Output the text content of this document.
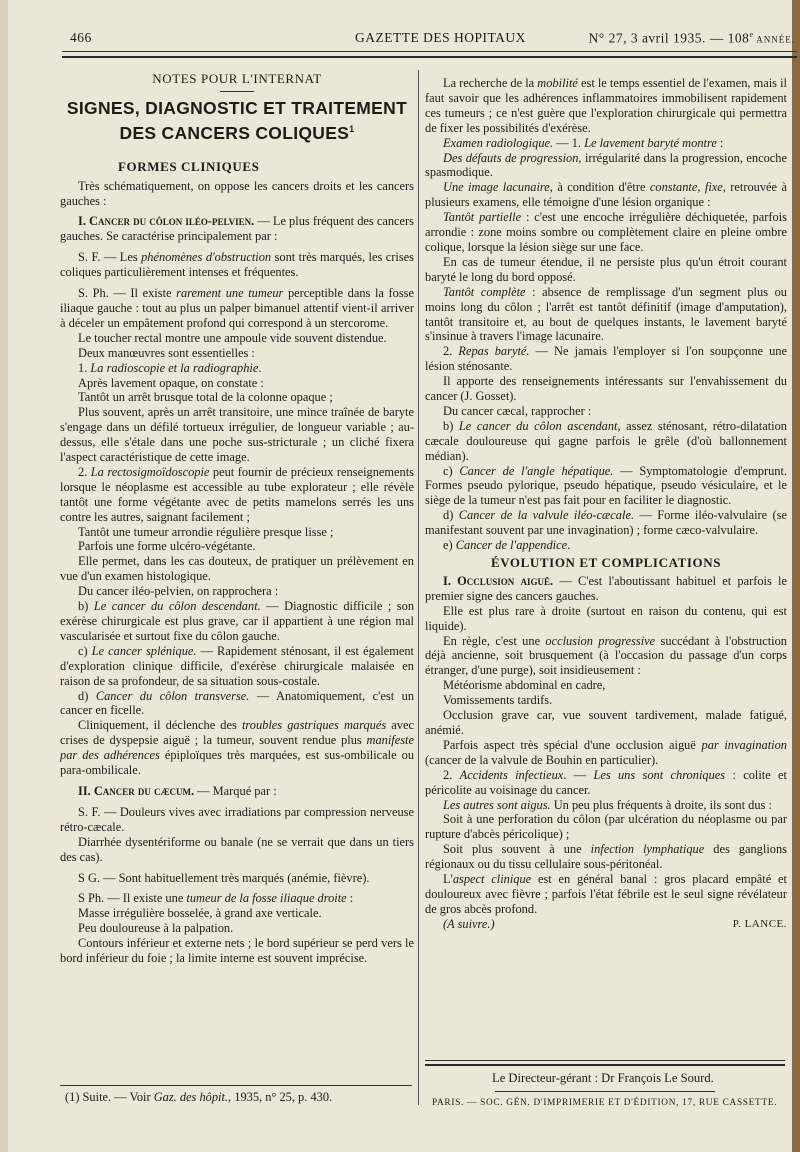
466	GAZETTE DES HOPITAUX	N° 27, 3 avril 1935. — 108e ANNÉE.
NOTES POUR L'INTERNAT
SIGNES, DIAGNOSTIC ET TRAITEMENT
DES CANCERS COLIQUES$^1$
FORMES CLINIQUES

Très schématiquement, on oppose les cancers droits et les cancers gauches :

I. Cancer du côlon iléo-pelvien. — Le plus fréquent des cancers gauches. Se caractérise principalement par :

S. F. — Les phénomènes d'obstruction sont très marqués, les crises coliques particulièrement intenses et fréquentes.

S. Ph. — Il existe rarement une tumeur perceptible dans la fosse iliaque gauche : tout au plus un palper bimanuel attentif vient-il arriver à déceler un empâtement profond qui correspond à un stercorome.

Le toucher rectal montre une ampoule vide souvent distendue.

Deux manœuvres sont essentielles :

1. La radioscopie et la radiographie.

Après lavement opaque, on constate :

Tantôt un arrêt brusque total de la colonne opaque ;

Plus souvent, après un arrêt transitoire, une mince traînée de baryte s'engage dans un défilé tortueux irrégulier, de longueur variable ; au-dessus, elle s'étale dans une poche sus-stricturale ; un cliché fixera l'aspect caractéristique de cette image.

2. La rectosigmoïdoscopie peut fournir de précieux renseignements lorsque le néoplasme est accessible au tube explorateur ; elle révèle tantôt une forme végétante avec de petits mamelons serrés les uns contre les autres, saignant facilement ;

Tantôt une tumeur arrondie régulière presque lisse ;

Parfois une forme ulcéro-végétante.

Elle permet, dans les cas douteux, de pratiquer un prélèvement en vue d'un examen histologique.

Du cancer iléo-pelvien, on rapprochera :

b) Le cancer du côlon descendant. — Diagnostic difficile ; son exérèse chirurgicale est plus grave, car il appartient à une région mal vascularisée et surtout fixe du côlon gauche.

c) Le cancer splénique. — Rapidement sténosant, il est également d'exploration clinique difficile, d'exérèse chirurgicale malaisée en raison de sa profondeur, de sa situation sous-costale.

d) Cancer du côlon transverse. — Anatomiquement, c'est un cancer en ficelle.

Cliniquement, il déclenche des troubles gastriques marqués avec crises de dyspepsie aiguë ; la tumeur, souvent rendue plus manifeste par des adhérences épiploïques très marquées, est sus-ombilicale ou para-ombilicale.

II. Cancer du cæcum. — Marqué par :

S. F. — Douleurs vives avec irradiations par compression nerveuse rétro-cæcale.

Diarrhée dysentériforme ou banale (ne se verrait que dans un tiers des cas).

S G. — Sont habituellement très marqués (anémie, fièvre).

S Ph. — Il existe une tumeur de la fosse iliaque droite :

Masse irrégulière bosselée, à grand axe verticale.

Peu douloureuse à la palpation.

Contours inférieur et externe nets ; le bord supérieur se perd vers le bord inférieur du foie ; la limite interne est souvent imprécise.

(1) Suite. — Voir Gaz. des hôpit., 1935, n° 25, p. 430.

La recherche de la mobilité est le temps essentiel de l'examen, mais il faut savoir que les adhérences inflammatoires immobilisent rapidement ces tumeurs ; ce n'est guère que l'exploration chirurgicale qui permettra de fixer les possibilités d'exérèse.

Examen radiologique. — 1. Le lavement baryté montre :

Des défauts de progression, irrégularité dans la progression, encoche spasmodique.

Une image lacunaire, à condition d'être constante, fixe, retrouvée à plusieurs examens, elle témoigne d'une lésion organique :

Tantôt partielle : c'est une encoche irrégulière déchiquetée, parfois arrondie : zone moins sombre ou complètement claire en pleine ombre colique, lorsque la lésion siège sur une face.

En cas de tumeur étendue, il ne persiste plus qu'un étroit courant baryté le long du bord opposé.

Tantôt complète : absence de remplissage d'un segment plus ou moins long du côlon ; l'arrêt est tantôt définitif (image d'amputation), tantôt transitoire et, au bout de quelques instants, le lavement baryté s'insinue à travers l'image lacunaire.

2. Repas baryté. — Ne jamais l'employer si l'on soupçonne une lésion sténosante.

Il apporte des renseignements intéressants sur l'envahissement du cancer (J. Gosset).

Du cancer cæcal, rapprocher :

b) Le cancer du côlon ascendant, assez sténosant, rétro-dilatation cæcale douloureuse qui gagne parfois le grêle (d'où ballonnement médian).

c) Cancer de l'angle hépatique. — Symptomatologie d'emprunt. Formes pseudo pylorique, pseudo hépatique, pseudo vésiculaire, et le siège de la tumeur n'est pas fait pour en faciliter le diagnostic.

d) Cancer de la valvule iléo-cæcale. — Forme iléo-valvulaire (se manifestant souvent par une invagination) ; forme cæco-valvulaire.

e) Cancer de l'appendice.

ÉVOLUTION ET COMPLICATIONS

I. Occlusion aiguë. — C'est l'aboutissant habituel et parfois le premier signe des cancers gauches.

Elle est plus rare à droite (surtout en raison du contenu, qui est liquide).

En règle, c'est une occlusion progressive succédant à l'obstruction déjà ancienne, soit brusquement (à l'occasion du passage d'un corps étranger, d'une purge), soit insidieusement :

Météorisme abdominal en cadre,

Vomissements tardifs.

Occlusion grave car, vue souvent tardivement, malade fatigué, anémié.

Parfois aspect très spécial d'une occlusion aiguë par invagination (cancer de la valvule de Bouhin en particulier).

2. Accidents infectieux. — Les uns sont chroniques : colite et péricolite au voisinage du cancer.

Les autres sont aigus. Un peu plus fréquents à droite, ils sont dus :

Soit à une perforation du côlon (par ulcération du néoplasme ou par rupture d'abcès péricolique) ;

Soit plus souvent à une infection lymphatique des ganglions régionaux ou du tissu cellulaire sous-péritonéal.

L'aspect clinique est en général banal : gros placard empâté et douloureux avec fièvre ; parfois l'état fébrile est le seul signe révélateur de gros abcès profond.

(A suivre.)	P. LANCE.

Le Directeur-gérant : Dr François Le Sourd.
PARIS. — SOC. GÉN. D'IMPRIMERIE ET D'ÉDITION, 17, RUE CASSETTE.
